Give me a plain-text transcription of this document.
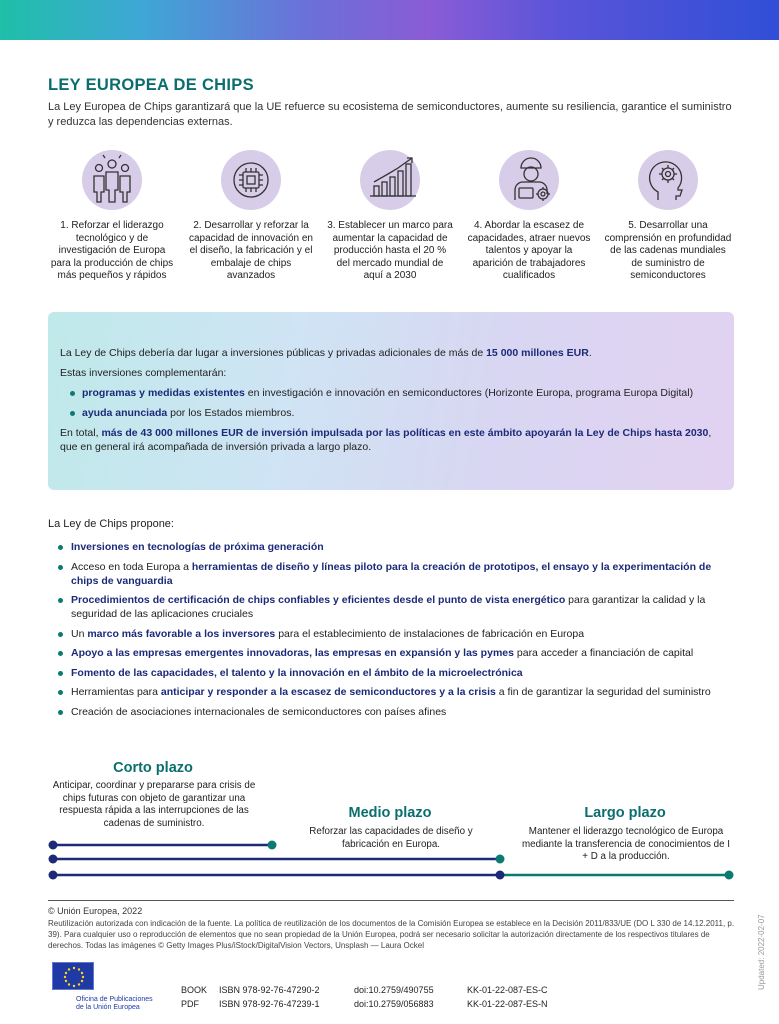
LEY EUROPEA DE CHIPS

La Ley Europea de Chips garantizará que la UE refuerce su ecosistema de semiconductores, aumente su resiliencia, garantice el suministro y reduzca las dependencias externas.

1. Reforzar el liderazgo tecnológico y de investigación de Europa para la producción de chips más pequeños y rápidos
2. Desarrollar y reforzar la capacidad de innovación en el diseño, la fabricación y el embalaje de chips avanzados
3. Establecer un marco para aumentar la capacidad de producción hasta el 20 % del mercado mundial de aquí a 2030
4. Abordar la escasez de capacidades, atraer nuevos talentos y apoyar la aparición de trabajadores cualificados
5. Desarrollar una comprensión en profundidad de las cadenas mundiales de suministro de semiconductores

La Ley de Chips debería dar lugar a inversiones públicas y privadas adicionales de más de 15 000 millones EUR.

Estas inversiones complementarán:

programas y medidas existentes en investigación e innovación en semiconductores (Horizonte Europa, programa Europa Digital)
ayuda anunciada por los Estados miembros.

En total, más de 43 000 millones EUR de inversión impulsada por las políticas en este ámbito apoyarán la Ley de Chips hasta 2030, que en general irá acompañada de inversión privada a largo plazo.

La Ley de Chips propone:

Inversiones en tecnologías de próxima generación
Acceso en toda Europa a herramientas de diseño y líneas piloto para la creación de prototipos, el ensayo y la experimentación de chips de vanguardia
Procedimientos de certificación de chips confiables y eficientes desde el punto de vista energético para garantizar la calidad y la seguridad de las aplicaciones cruciales
Un marco más favorable a los inversores para el establecimiento de instalaciones de fabricación en Europa
Apoyo a las empresas emergentes innovadoras, las empresas en expansión y las pymes para acceder a financiación de capital
Fomento de las capacidades, el talento y la innovación en el ámbito de la microelectrónica
Herramientas para anticipar y responder a la escasez de semiconductores y a la crisis a fin de garantizar la seguridad del suministro
Creación de asociaciones internacionales de semiconductores con países afines
Corto plazo
Anticipar, coordinar y prepararse para crisis de chips futuras con objeto de garantizar una respuesta rápida a las interrupciones de las cadenas de suministro.
Medio plazo
Reforzar las capacidades de diseño y fabricación en Europa.
Largo plazo
Mantener el liderazgo tecnológico de Europa mediante la transferencia de conocimientos de I + D a la producción.
© Unión Europea, 2022
Reutilización autorizada con indicación de la fuente. La política de reutilización de los documentos de la Comisión Europea se establece en la Decisión 2011/833/UE (DO L 330 de 14.12.2011, p. 39). Para cualquier uso o reproducción de elementos que no sean propiedad de la Unión Europea, podrá ser necesario solicitar la autorización directamente de los respectivos titulares de derechos. Todas las imágenes © Getty Images Plus/iStock/DigitalVision Vectors, Unsplash — Laura Ockel
Oficina de Publicaciones
de la Unión Europea
BOOK
PDF
ISBN 978-92-76-47290-2
ISBN 978-92-76-47239-1
doi:10.2759/490755
doi:10.2759/056883
KK-01-22-087-ES-C
KK-01-22-087-ES-N
Updated: 2022-02-07
